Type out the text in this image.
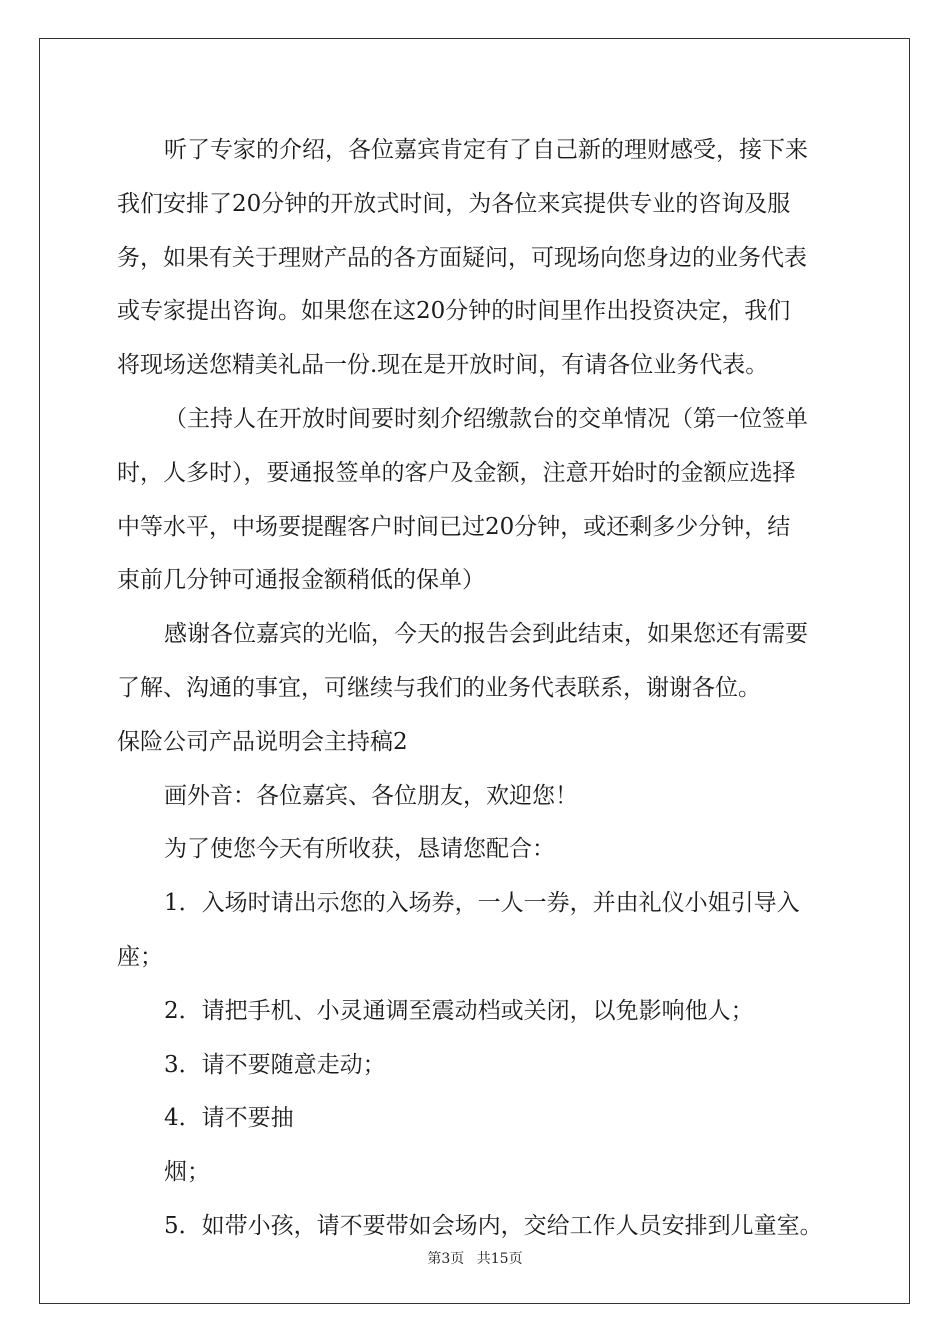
听了专家的介绍，各位嘉宾肯定有了自己新的理财感受，接下来

我们安排了20分钟的开放式时间，为各位来宾提供专业的咨询及服

务，如果有关于理财产品的各方面疑问，可现场向您身边的业务代表

或专家提出咨询。如果您在这20分钟的时间里作出投资决定，我们

将现场送您精美礼品一份.现在是开放时间，有请各位业务代表。

（主持人在开放时间要时刻介绍缴款台的交单情况（第一位签单

时，人多时），要通报签单的客户及金额，注意开始时的金额应选择

中等水平，中场要提醒客户时间已过20分钟，或还剩多少分钟，结

束前几分钟可通报金额稍低的保单）

感谢各位嘉宾的光临，今天的报告会到此结束，如果您还有需要

了解、沟通的事宜，可继续与我们的业务代表联系，谢谢各位。

保险公司产品说明会主持稿2

画外音：各位嘉宾、各位朋友，欢迎您！

为了使您今天有所收获，恳请您配合：

1．入场时请出示您的入场券，一人一券，并由礼仪小姐引导入

座；

2．请把手机、小灵通调至震动档或关闭，以免影响他人；

3．请不要随意走动；

4．请不要抽

烟；

5．如带小孩，请不要带如会场内，交给工作人员安排到儿童室。

第3页 共15页
